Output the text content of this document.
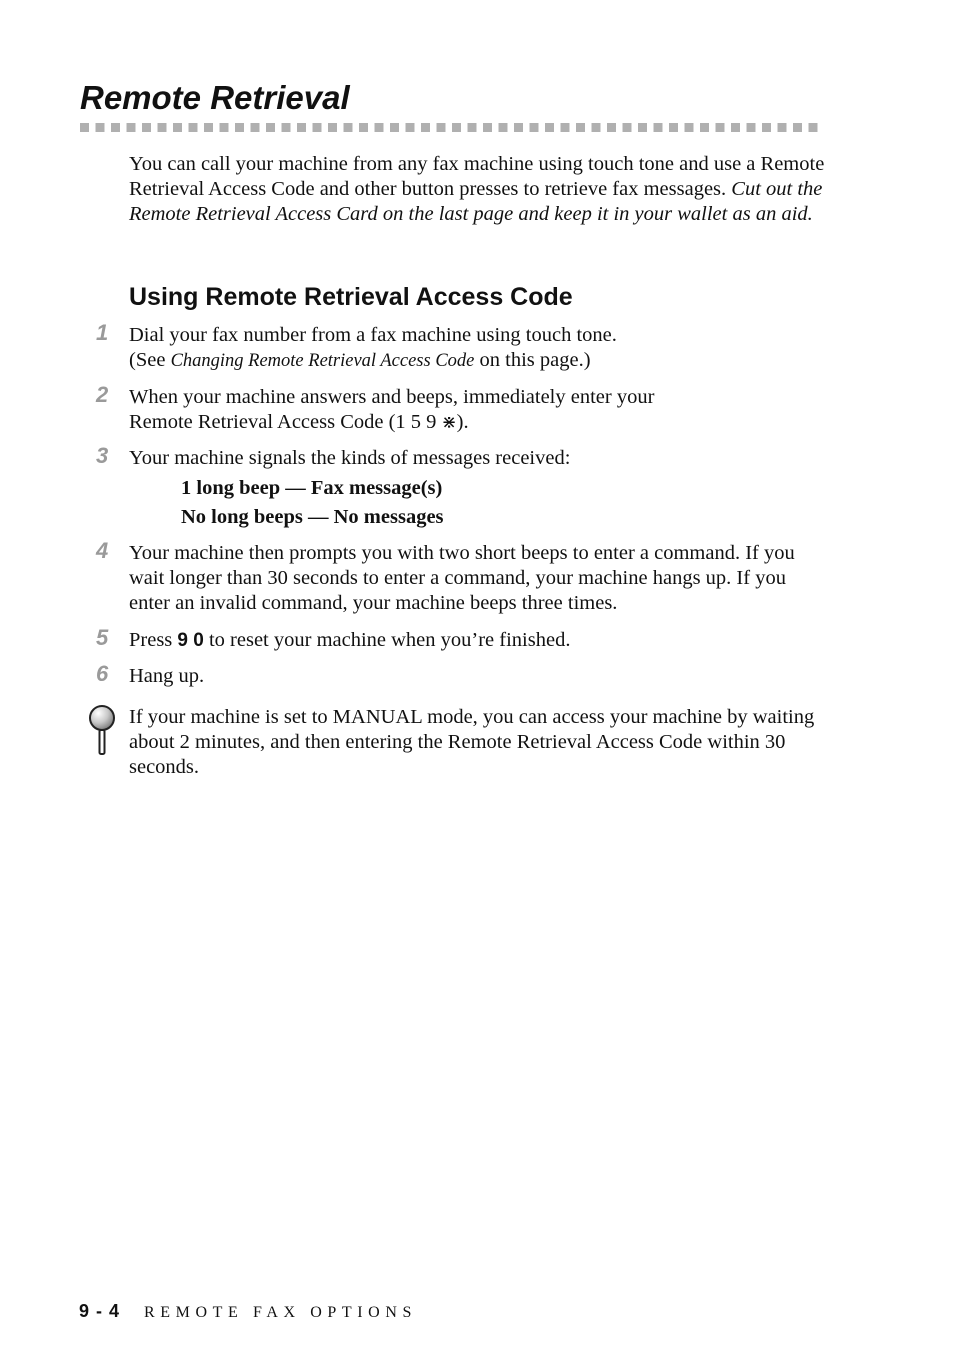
Remote Retrieval

You can call your machine from any fax machine using touch tone and use a Remote Retrieval Access Code and other button presses to retrieve fax messages. Cut out the Remote Retrieval Access Card on the last page and keep it in your wallet as an aid.

Using Remote Retrieval Access Code
1 Dial your fax number from a fax machine using touch tone.
(See Changing Remote Retrieval Access Code on this page.)
2 When your machine answers and beeps, immediately enter your
Remote Retrieval Access Code (1 5 9 ⋇).
3 Your machine signals the kinds of messages received:
1 long beep — Fax message(s)
No long beeps — No messages
4 Your machine then prompts you with two short beeps to enter a command. If you wait longer than 30 seconds to enter a command, your machine hangs up. If you enter an invalid command, your machine beeps three times.
5 Press 9 0 to reset your machine when you’re finished.
6 Hang up.
If your machine is set to MANUAL mode, you can access your machine by waiting about 2 minutes, and then entering the Remote Retrieval Access Code within 30 seconds.
9 - 4 REMOTE FAX OPTIONS
